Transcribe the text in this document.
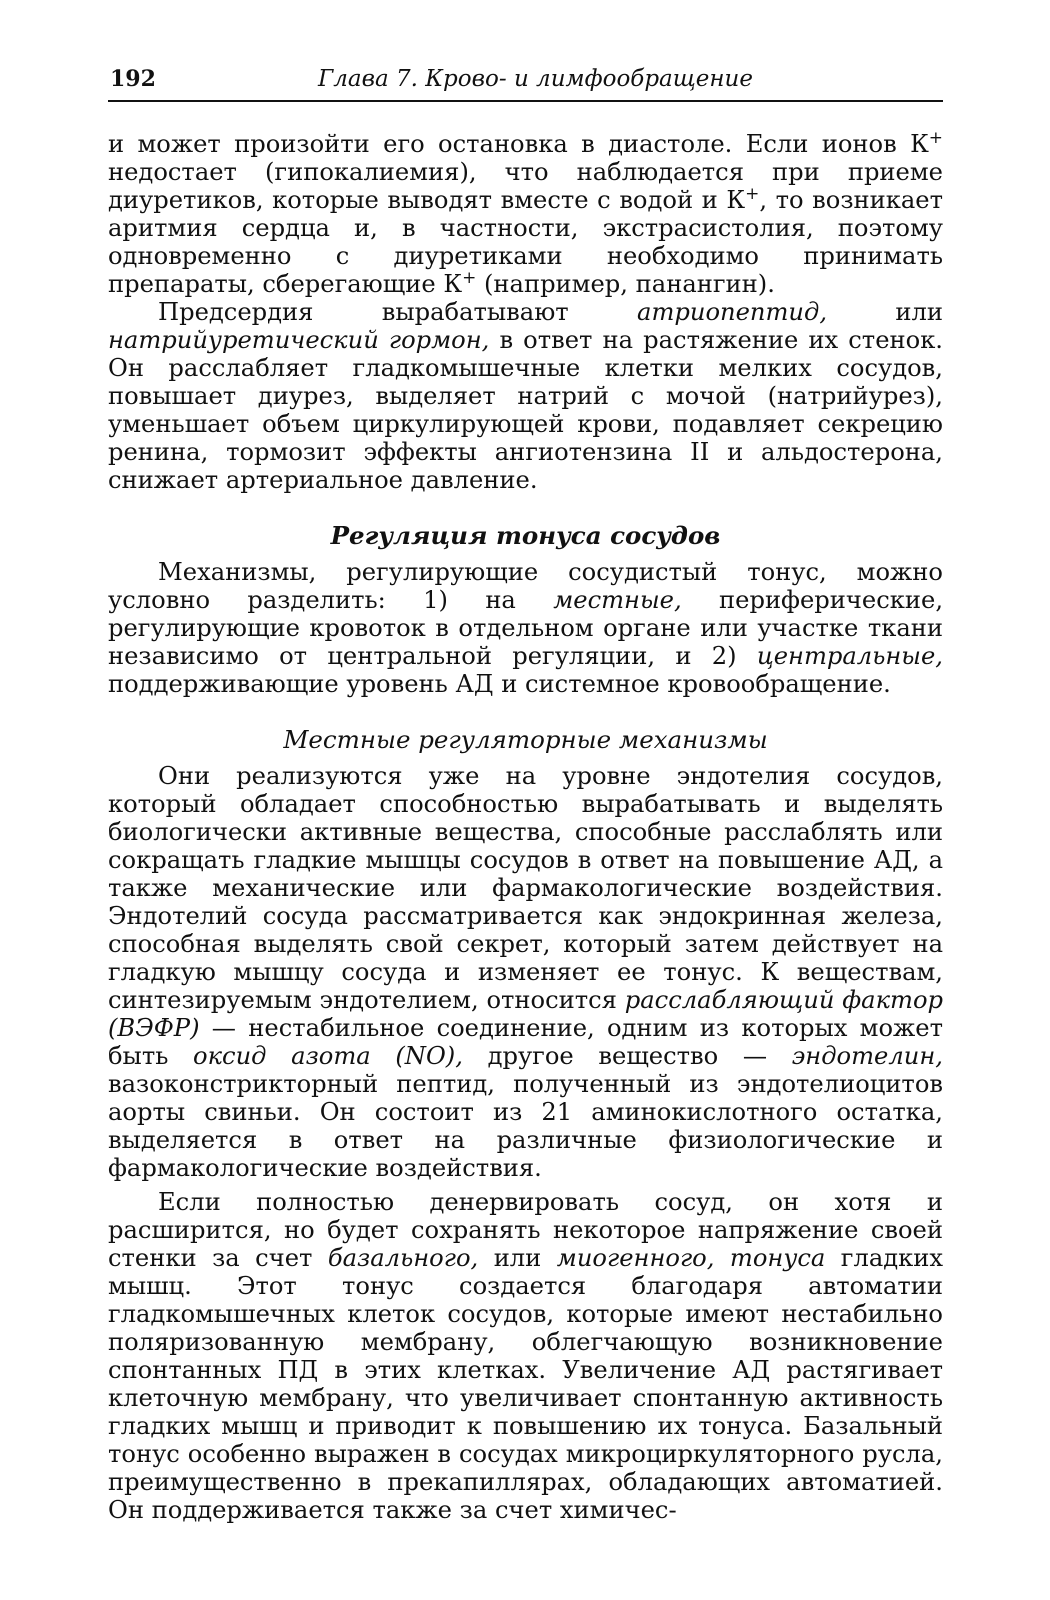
192	Глава 7. Крово- и лимфообращение

и может произойти его остановка в диастоле. Если ионов К+ недостает (гипокалиемия), что наблюдается при приеме диуретиков, которые выводят вместе с водой и К+, то возникает аритмия сердца и, в частности, экстрасистолия, поэтому одновременно с диуретиками необходимо принимать препараты, сберегающие К+ (например, панангин).

Предсердия вырабатывают атриопептид, или натрийуретический гормон, в ответ на растяжение их стенок. Он расслабляет гладкомышечные клетки мелких сосудов, повышает диурез, выделяет натрий с мочой (натрийурез), уменьшает объем циркулирующей крови, подавляет секрецию ренина, тормозит эффекты ангиотензина II и альдостерона, снижает артериальное давление.

Регуляция тонуса сосудов

Механизмы, регулирующие сосудистый тонус, можно условно разделить: 1) на местные, периферические, регулирующие кровоток в отдельном органе или участке ткани независимо от центральной регуляции, и 2) центральные, поддерживающие уровень АД и системное кровообращение.

Местные регуляторные механизмы

Они реализуются уже на уровне эндотелия сосудов, который обладает способностью вырабатывать и выделять биологически активные вещества, способные расслаблять или сокращать гладкие мышцы сосудов в ответ на повышение АД, а также механические или фармакологические воздействия. Эндотелий сосуда рассматривается как эндокринная железа, способная выделять свой секрет, который затем действует на гладкую мышцу сосуда и изменяет ее тонус. К веществам, синтезируемым эндотелием, относится расслабляющий фактор (ВЭФР) — нестабильное соединение, одним из которых может быть оксид азота (NO), другое вещество — эндотелин, вазоконстрикторный пептид, полученный из эндотелиоцитов аорты свиньи. Он состоит из 21 аминокислотного остатка, выделяется в ответ на различные физиологические и фармакологические воздействия.

Если полностью денервировать сосуд, он хотя и расширится, но будет сохранять некоторое напряжение своей стенки за счет базального, или миогенного, тонуса гладких мышц. Этот тонус создается благодаря автоматии гладкомышечных клеток сосудов, которые имеют нестабильно поляризованную мембрану, облегчающую возникновение спонтанных ПД в этих клетках. Увеличение АД растягивает клеточную мембрану, что увеличивает спонтанную активность гладких мышц и приводит к повышению их тонуса. Базальный тонус особенно выражен в сосудах микроциркуляторного русла, преимущественно в прекапиллярах, обладающих автоматией. Он поддерживается также за счет химичес-
